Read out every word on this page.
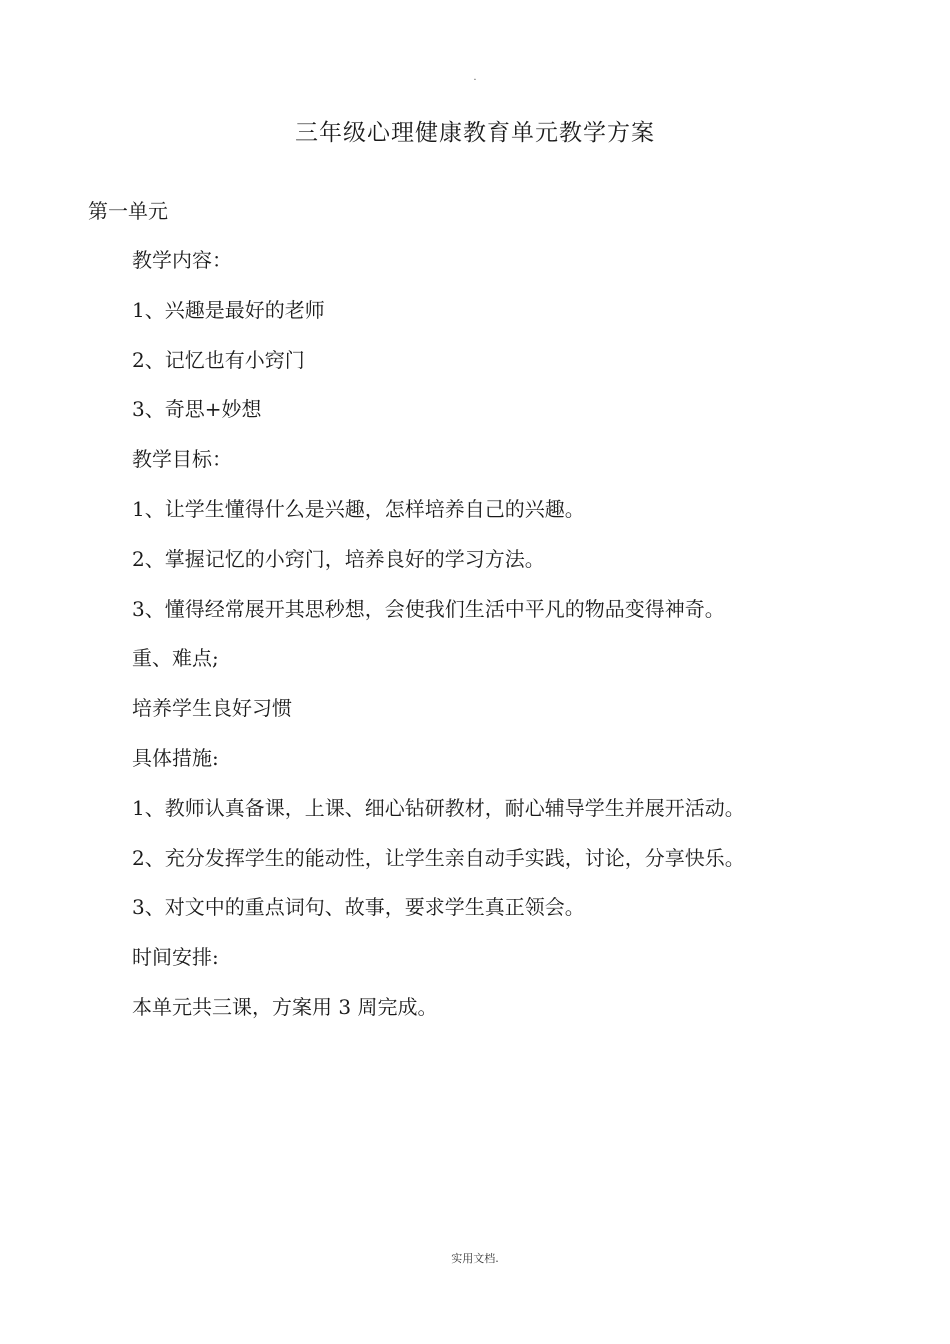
.
三年级心理健康教育单元教学方案
第一单元
教学内容：
1、兴趣是最好的老师
2、记忆也有小窍门
3、奇思+妙想
教学目标：
1、让学生懂得什么是兴趣，怎样培养自己的兴趣。
2、掌握记忆的小窍门，培养良好的学习方法。
3、懂得经常展开其思秒想，会使我们生活中平凡的物品变得神奇。
重、难点;
培养学生良好习惯
具体措施:
1、教师认真备课，上课、细心钻研教材，耐心辅导学生并展开活动。
2、充分发挥学生的能动性，让学生亲自动手实践，讨论，分享快乐。
3、对文中的重点词句、故事，要求学生真正领会。
时间安排:
本单元共三课，方案用 3 周完成。
实用文档.
